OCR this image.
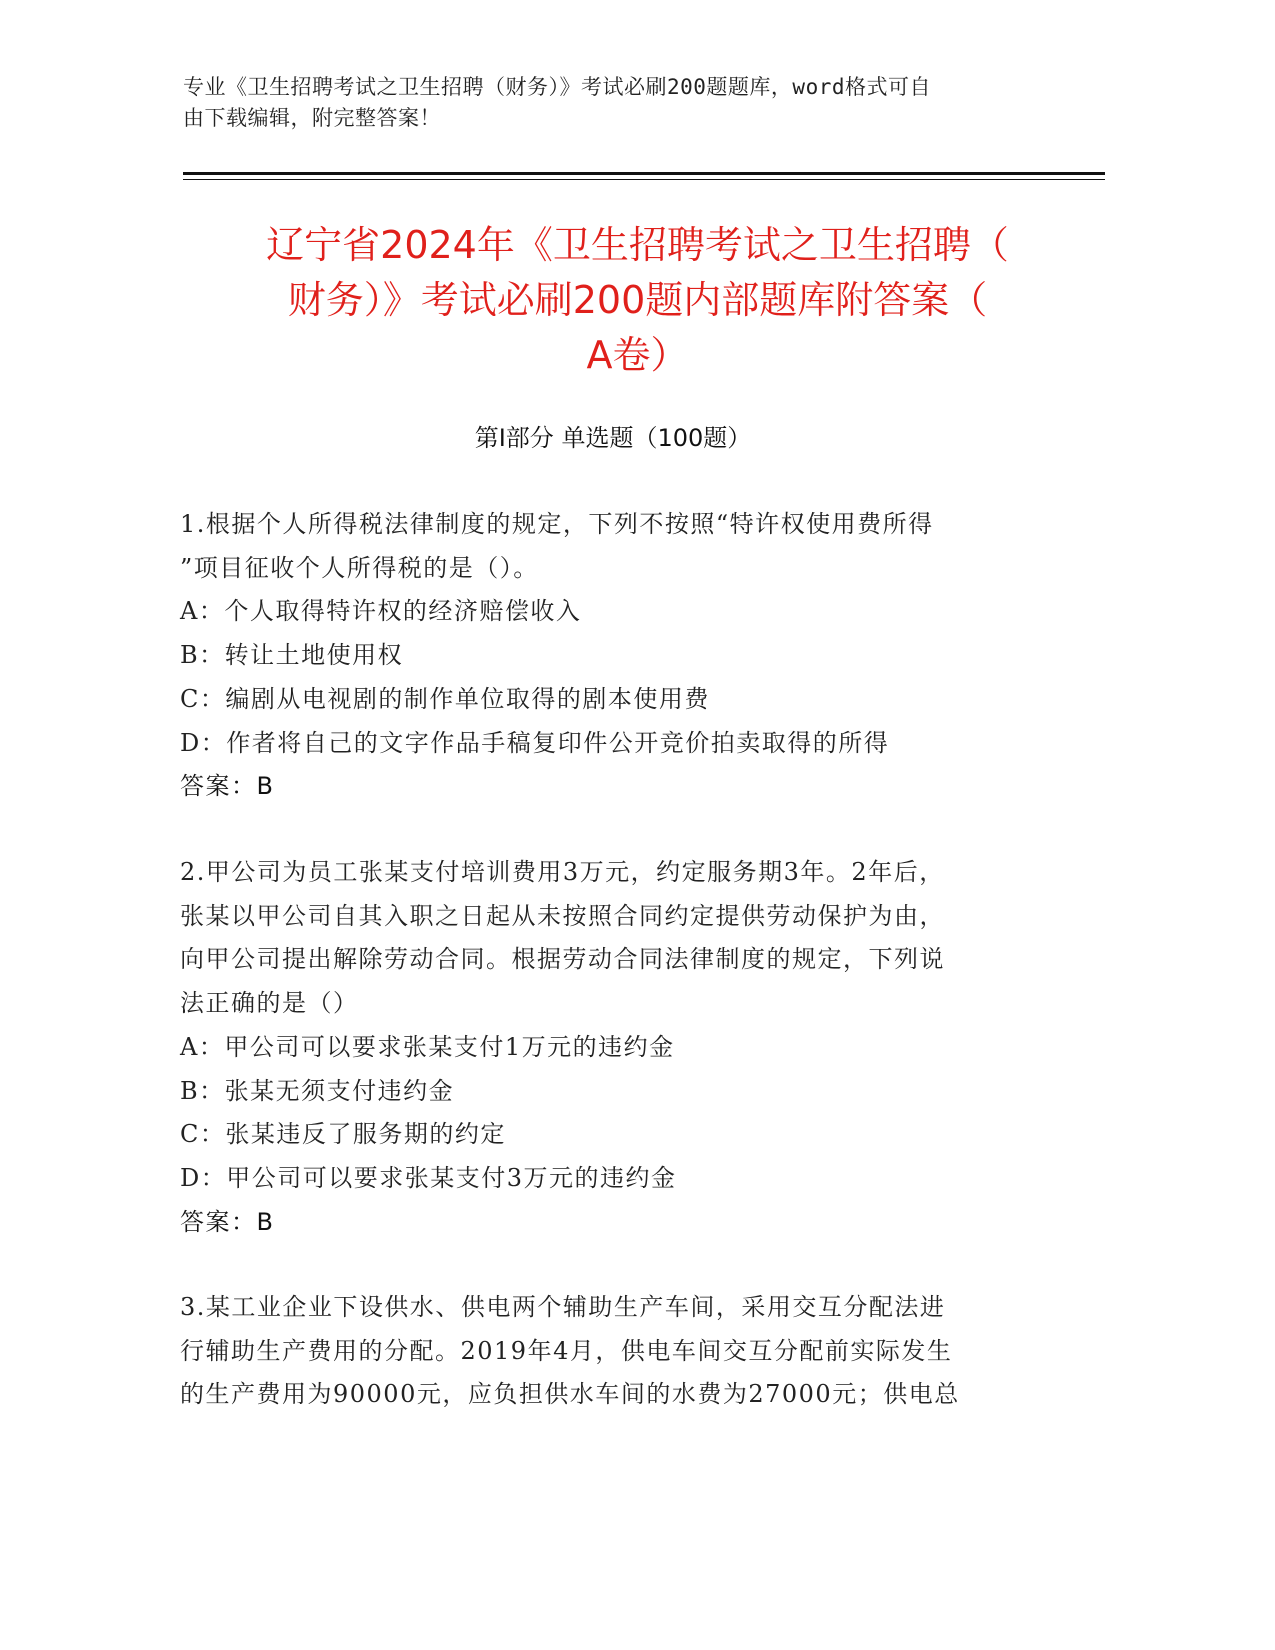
专业《卫生招聘考试之卫生招聘（财务）》考试必刷200题题库，word格式可自
由下载编辑，附完整答案！
辽宁省2024年《卫生招聘考试之卫生招聘（
财务）》考试必刷200题内部题库附答案（
A卷）
第Ⅰ部分 单选题（100题）

1.根据个人所得税法律制度的规定，下列不按照“特许权使用费所得

”项目征收个人所得税的是（）。

A：个人取得特许权的经济赔偿收入

B：转让土地使用权

C：编剧从电视剧的制作单位取得的剧本使用费

D：作者将自己的文字作品手稿复印件公开竞价拍卖取得的所得

答案：B

2.甲公司为员工张某支付培训费用3万元，约定服务期3年。2年后，

张某以甲公司自其入职之日起从未按照合同约定提供劳动保护为由，

向甲公司提出解除劳动合同。根据劳动合同法律制度的规定，下列说

法正确的是（）

A：甲公司可以要求张某支付1万元的违约金

B：张某无须支付违约金

C：张某违反了服务期的约定

D：甲公司可以要求张某支付3万元的违约金

答案：B

3.某工业企业下设供水、供电两个辅助生产车间，采用交互分配法进

行辅助生产费用的分配。2019年4月，供电车间交互分配前实际发生

的生产费用为90000元，应负担供水车间的水费为27000元；供电总
